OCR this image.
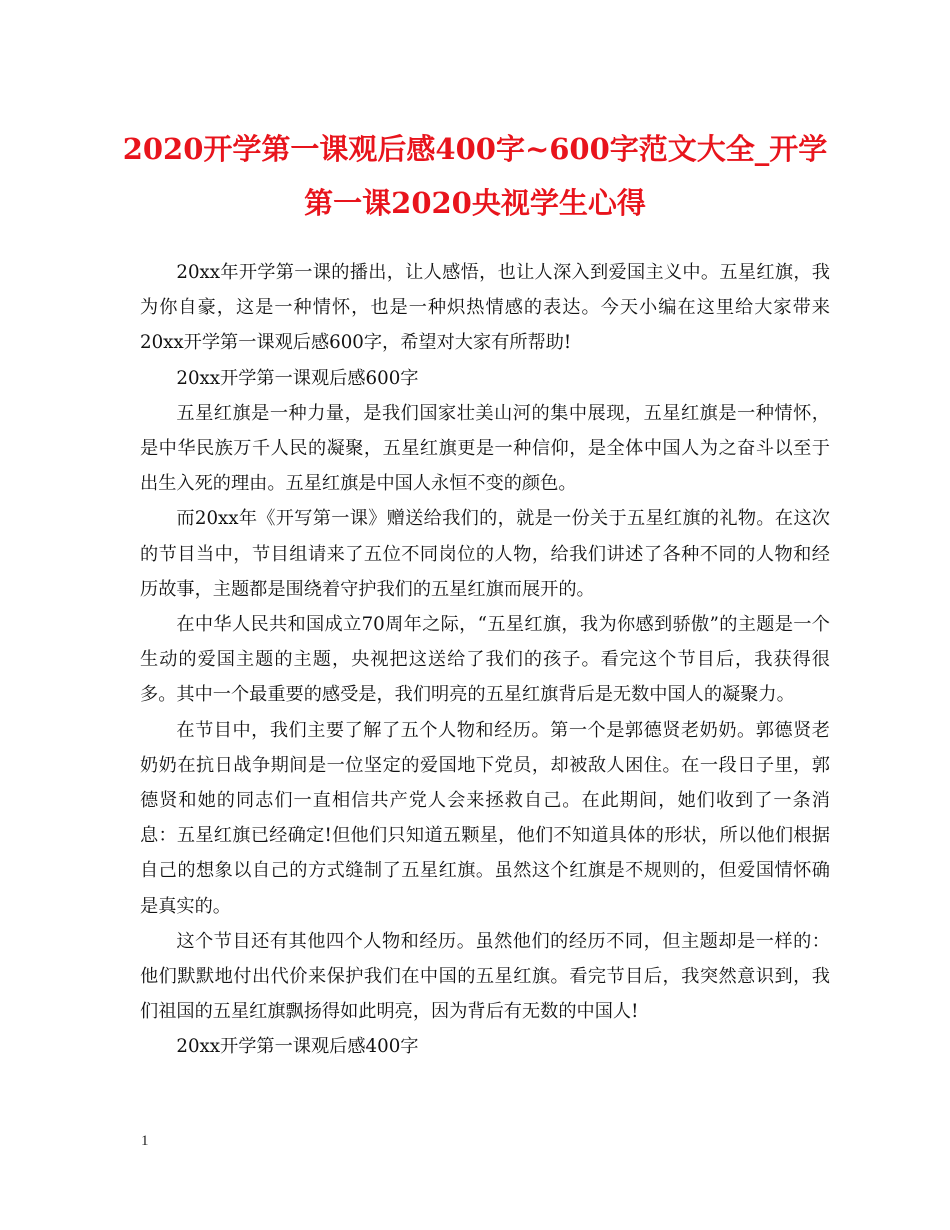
2020开学第一课观后感400字~600字范文大全_开学第一课2020央视学生心得

20xx年开学第一课的播出，让人感悟，也让人深入到爱国主义中。五星红旗，我为你自豪，这是一种情怀，也是一种炽热情感的表达。今天小编在这里给大家带来20xx开学第一课观后感600字，希望对大家有所帮助!

20xx开学第一课观后感600字

五星红旗是一种力量，是我们国家壮美山河的集中展现，五星红旗是一种情怀，是中华民族万千人民的凝聚，五星红旗更是一种信仰，是全体中国人为之奋斗以至于出生入死的理由。五星红旗是中国人永恒不变的颜色。

而20xx年《开写第一课》赠送给我们的，就是一份关于五星红旗的礼物。在这次的节目当中，节目组请来了五位不同岗位的人物，给我们讲述了各种不同的人物和经历故事，主题都是围绕着守护我们的五星红旗而展开的。

在中华人民共和国成立70周年之际，“五星红旗，我为你感到骄傲”的主题是一个生动的爱国主题的主题，央视把这送给了我们的孩子。看完这个节目后，我获得很多。其中一个最重要的感受是，我们明亮的五星红旗背后是无数中国人的凝聚力。

在节目中，我们主要了解了五个人物和经历。第一个是郭德贤老奶奶。郭德贤老奶奶在抗日战争期间是一位坚定的爱国地下党员，却被敌人困住。在一段日子里，郭德贤和她的同志们一直相信共产党人会来拯救自己。在此期间，她们收到了一条消息：五星红旗已经确定!但他们只知道五颗星，他们不知道具体的形状，所以他们根据自己的想象以自己的方式缝制了五星红旗。虽然这个红旗是不规则的，但爱国情怀确是真实的。

这个节目还有其他四个人物和经历。虽然他们的经历不同，但主题却是一样的：他们默默地付出代价来保护我们在中国的五星红旗。看完节目后，我突然意识到，我们祖国的五星红旗飘扬得如此明亮，因为背后有无数的中国人!

20xx开学第一课观后感400字

1
